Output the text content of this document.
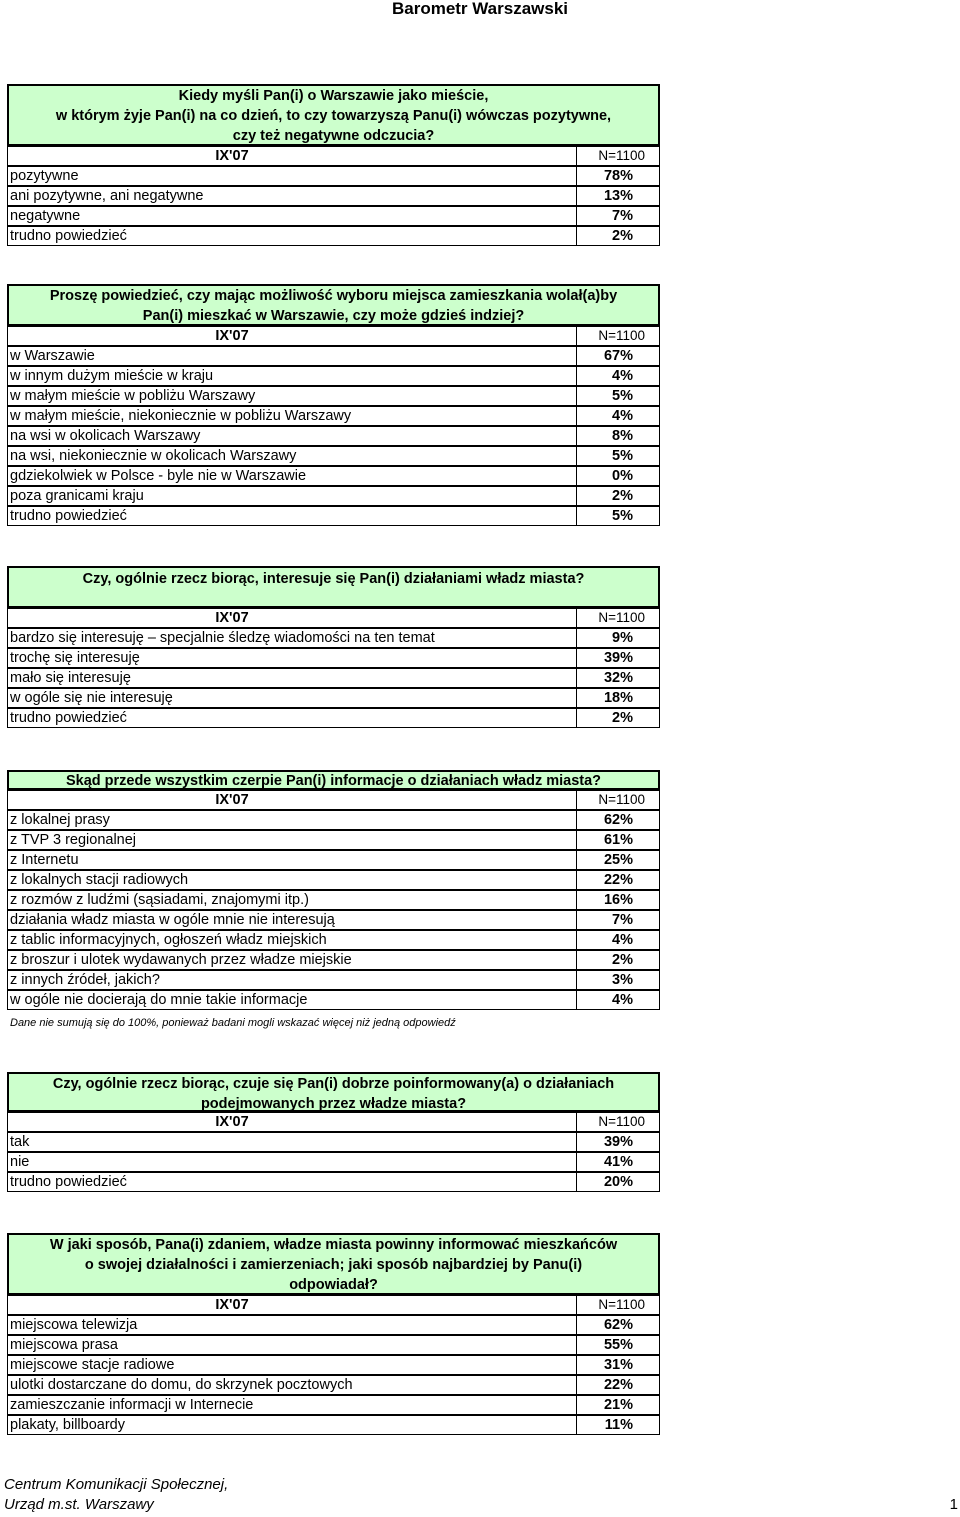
Barometr Warszawski
Kiedy myśli Pan(i) o Warszawie jako mieście,
w którym żyje Pan(i) na co dzień, to czy towarzyszą Panu(i) wówczas pozytywne,
czy też negatywne odczucia?
IX'07	N=1100
pozytywne	78%
ani pozytywne, ani negatywne	13%
negatywne	7%
trudno powiedzieć	2%
Proszę powiedzieć, czy mając możliwość wyboru miejsca zamieszkania wolał(a)by
Pan(i) mieszkać w Warszawie, czy może gdzieś indziej?
IX'07	N=1100
w Warszawie	67%
w innym dużym mieście w kraju	4%
w małym mieście w pobliżu Warszawy	5%
w małym mieście, niekoniecznie w pobliżu Warszawy	4%
na wsi w okolicach Warszawy	8%
na wsi, niekoniecznie w okolicach Warszawy	5%
gdziekolwiek w Polsce - byle nie w Warszawie	0%
poza granicami kraju	2%
trudno powiedzieć	5%
Czy, ogólnie rzecz biorąc, interesuje się Pan(i) działaniami władz miasta?
IX'07	N=1100
bardzo się interesuję – specjalnie śledzę wiadomości na ten temat	9%
trochę się interesuję	39%
mało się interesuję	32%
w ogóle się nie interesuję	18%
trudno powiedzieć	2%
Skąd przede wszystkim czerpie Pan(i) informacje o działaniach władz miasta?
IX'07	N=1100
z lokalnej prasy	62%
z TVP 3 regionalnej	61%
z Internetu	25%
z lokalnych stacji radiowych	22%
z rozmów z ludźmi (sąsiadami, znajomymi itp.)	16%
działania władz miasta w ogóle mnie nie interesują	7%
z tablic informacyjnych, ogłoszeń władz miejskich	4%
z broszur i ulotek wydawanych przez władze miejskie	2%
z innych źródeł, jakich?	3%
w ogóle nie docierają do mnie takie informacje	4%
Dane nie sumują się do 100%, ponieważ badani mogli wskazać więcej niż jedną odpowiedź
Czy, ogólnie rzecz biorąc, czuje się Pan(i) dobrze poinformowany(a) o działaniach
podejmowanych przez władze miasta?
IX'07	N=1100
tak	39%
nie	41%
trudno powiedzieć	20%
W jaki sposób, Pana(i) zdaniem, władze miasta powinny informować mieszkańców
o swojej działalności i zamierzeniach; jaki sposób najbardziej by Panu(i)
odpowiadał?
IX'07	N=1100
miejscowa telewizja	62%
miejscowa prasa	55%
miejscowe stacje radiowe	31%
ulotki dostarczane do domu, do skrzynek pocztowych	22%
zamieszczanie informacji w Internecie	21%
plakaty, billboardy	11%
Centrum Komunikacji Społecznej,
Urząd m.st. Warszawy	1
